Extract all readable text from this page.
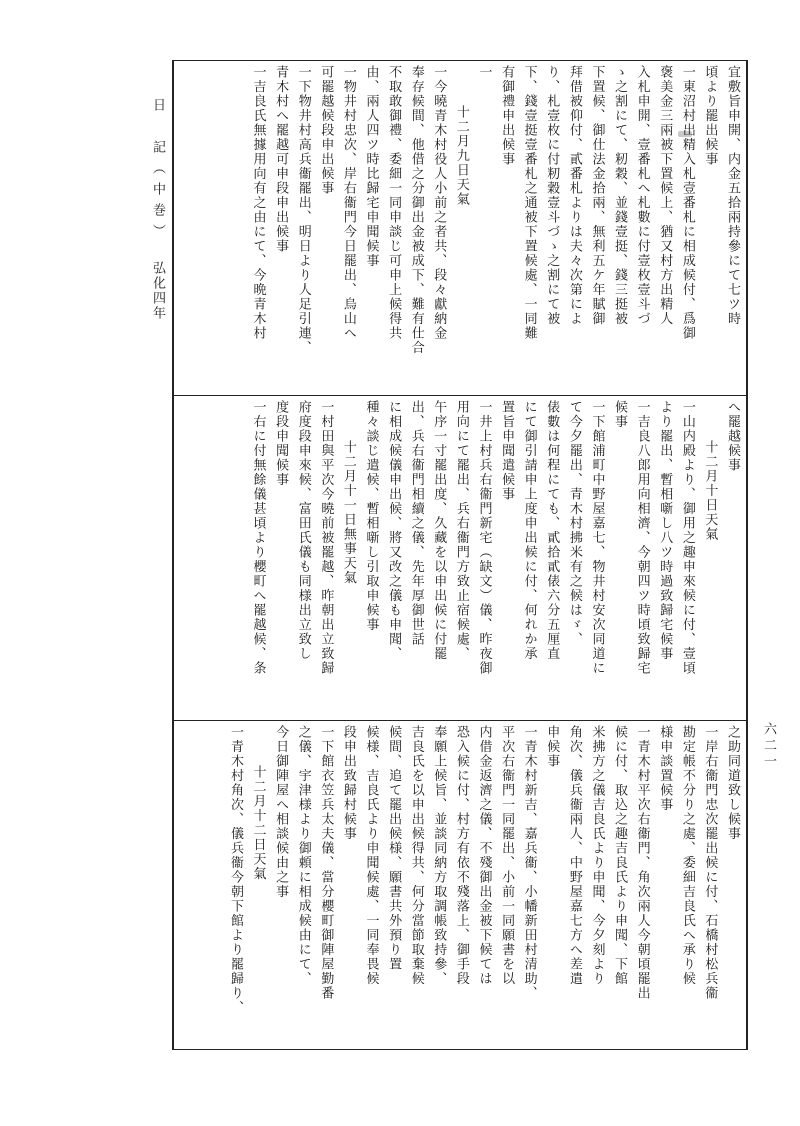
日　記（中巻）弘化四年
六二一
宜敷旨申開、内金五拾兩持參にて七ツ時
頃より罷出候事
一東沼村出精入札壹番札に相成候付、爲御
褒美金三兩被下置候上、猶又村方出精人
入札申開、壹番札へ札數に付壹枚壹斗づ
ゝ之割にて、籾穀、並錢壹挺、錢三挺被
下置候、御仕法金拾兩、無利五ケ年賦御
拜借被仰付、貳番札よりは夫々次第によ
り、札壹枚に付籾穀壹斗づゝ之割にて被
下、錢壹挺壹番札之通被下置候處、一同難
有御禮申出候事
一
十二月九日天氣
一今曉青木村役人小前之者共、段々獻納金
奉存候間、他借之分御出金被成下、難有仕合
不取敢御禮、委細一同申談じ可申上候得共
由、兩人四ツ時比歸宅申聞候事
一物井村忠次、岸右衞門今日罷出、烏山へ
可罷越候段申出候事
一下物井村高兵衞罷出、明日より人足引連、
青木村へ罷越可申段申出候事
一吉良氏無據用向有之由にて、今晩青木村
へ罷越候事
十二月十日天氣
一山内殿より、御用之趣申來候に付、壹頃
より罷出、暫相噺し八ツ時過致歸宅候事
一吉良八郎用向相濟、今朝四ツ時頃致歸宅
候事
一下館浦町中野屋嘉七、物井村安次同道に
て今夕罷出、青木村拂米有之候はゞ、
俵數は何程にても、貳拾貳俵六分五厘直
にて御引請申上度申出候に付、何れか承
置旨申聞遣候事
一井上村兵右衞門新宅（缺文）儀、昨夜御
用向にて罷出、兵右衞門方致止宿候處、
午序一寸罷出度、久藏を以申出候に付罷
出、兵右衞門相續之儀、先年厚御世話
に相成候儀申出候、將又改之儀も申聞、
種々談じ遣候、暫相噺し引取申候事
十二月十一日無事天氣
一村田與平次今曉前被罷越、昨朝出立致歸
府度段申來候、富田氏儀も同様出立致し
度段申聞候事
一右に付無餘儀甚頃より櫻町へ罷越候、条
之助同道致し候事
一岸右衞門忠次罷出候に付、石橋村松兵衞
勘定帳不分り之處、委細吉良氏へ承り候
様申談置候事
一青木村平次右衞門、角次兩人今朝頃罷出
候に付、取込之趣吉良氏より申聞、下館
米拂方之儀吉良氏より申聞、今夕刻より
角次、儀兵衞兩人、中野屋嘉七方へ差遣
申候事
一青木村新吉、嘉兵衞、小幡新田村清助、
平次右衞門一同罷出、小前一同願書を以
内借金返濟之儀、不殘御出金被下候ては
恐入候に付、村方有依不殘落上、御手段
奉願上候旨、並談同納方取調帳致持參、
吉良氏を以申出候得共、何分當節取棄候
候間、追て罷出候様、願書共外預り置
候様、吉良氏より申聞候處、一同奉畏候
段申出致歸村候事
一下館衣笠兵太夫儀、當分櫻町御陣屋勤番
之儀、宇津様より御頼に相成候由にて、
今日御陣屋へ相談候由之事
十二月十二日天氣
一青木村角次、儀兵衞今朝下館より罷歸り、
